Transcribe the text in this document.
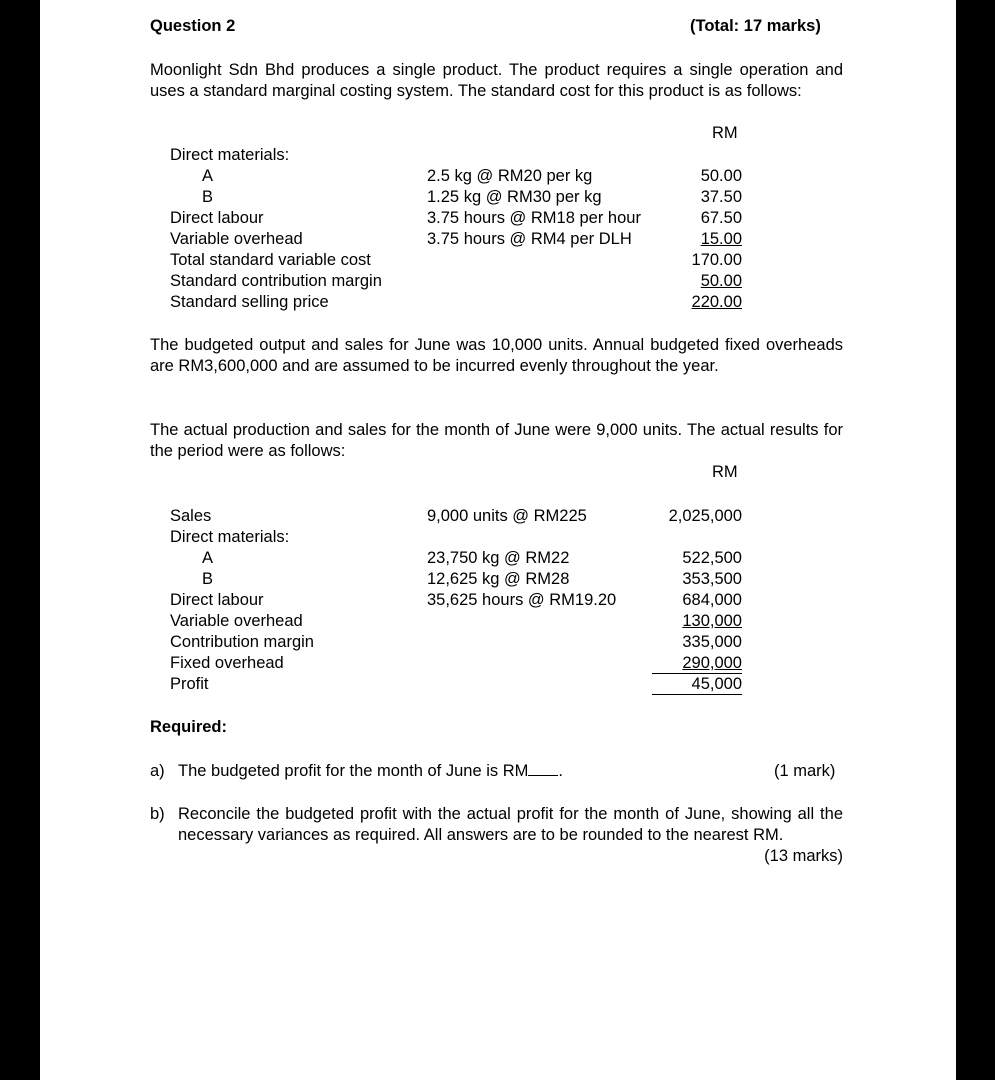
Question 2	(Total: 17 marks)
Moonlight Sdn Bhd produces a single product. The product requires a single operation and uses a standard marginal costing system. The standard cost for this product is as follows:
RM
Direct materials:
A	2.5 kg @ RM20 per kg	50.00
B	1.25 kg @ RM30 per kg	37.50
Direct labour	3.75 hours @ RM18 per hour	67.50
Variable overhead	3.75 hours @ RM4 per DLH	15.00
Total standard variable cost	170.00
Standard contribution margin	50.00
Standard selling price	220.00
The budgeted output and sales for June was 10,000 units. Annual budgeted fixed overheads are RM3,600,000 and are assumed to be incurred evenly throughout the year.
The actual production and sales for the month of June were 9,000 units. The actual results for the period were as follows:
RM
Sales	9,000 units @ RM225	2,025,000
Direct materials:
A	23,750 kg @ RM22	522,500
B	12,625 kg @ RM28	353,500
Direct labour	35,625 hours @ RM19.20	684,000
Variable overhead	130,000
Contribution margin	335,000
Fixed overhead	290,000
Profit	45,000
Required:
a) The budgeted profit for the month of June is RM .	(1 mark)
b) Reconcile the budgeted profit with the actual profit for the month of June, showing all the necessary variances as required. All answers are to be rounded to the nearest RM.
(13 marks)
